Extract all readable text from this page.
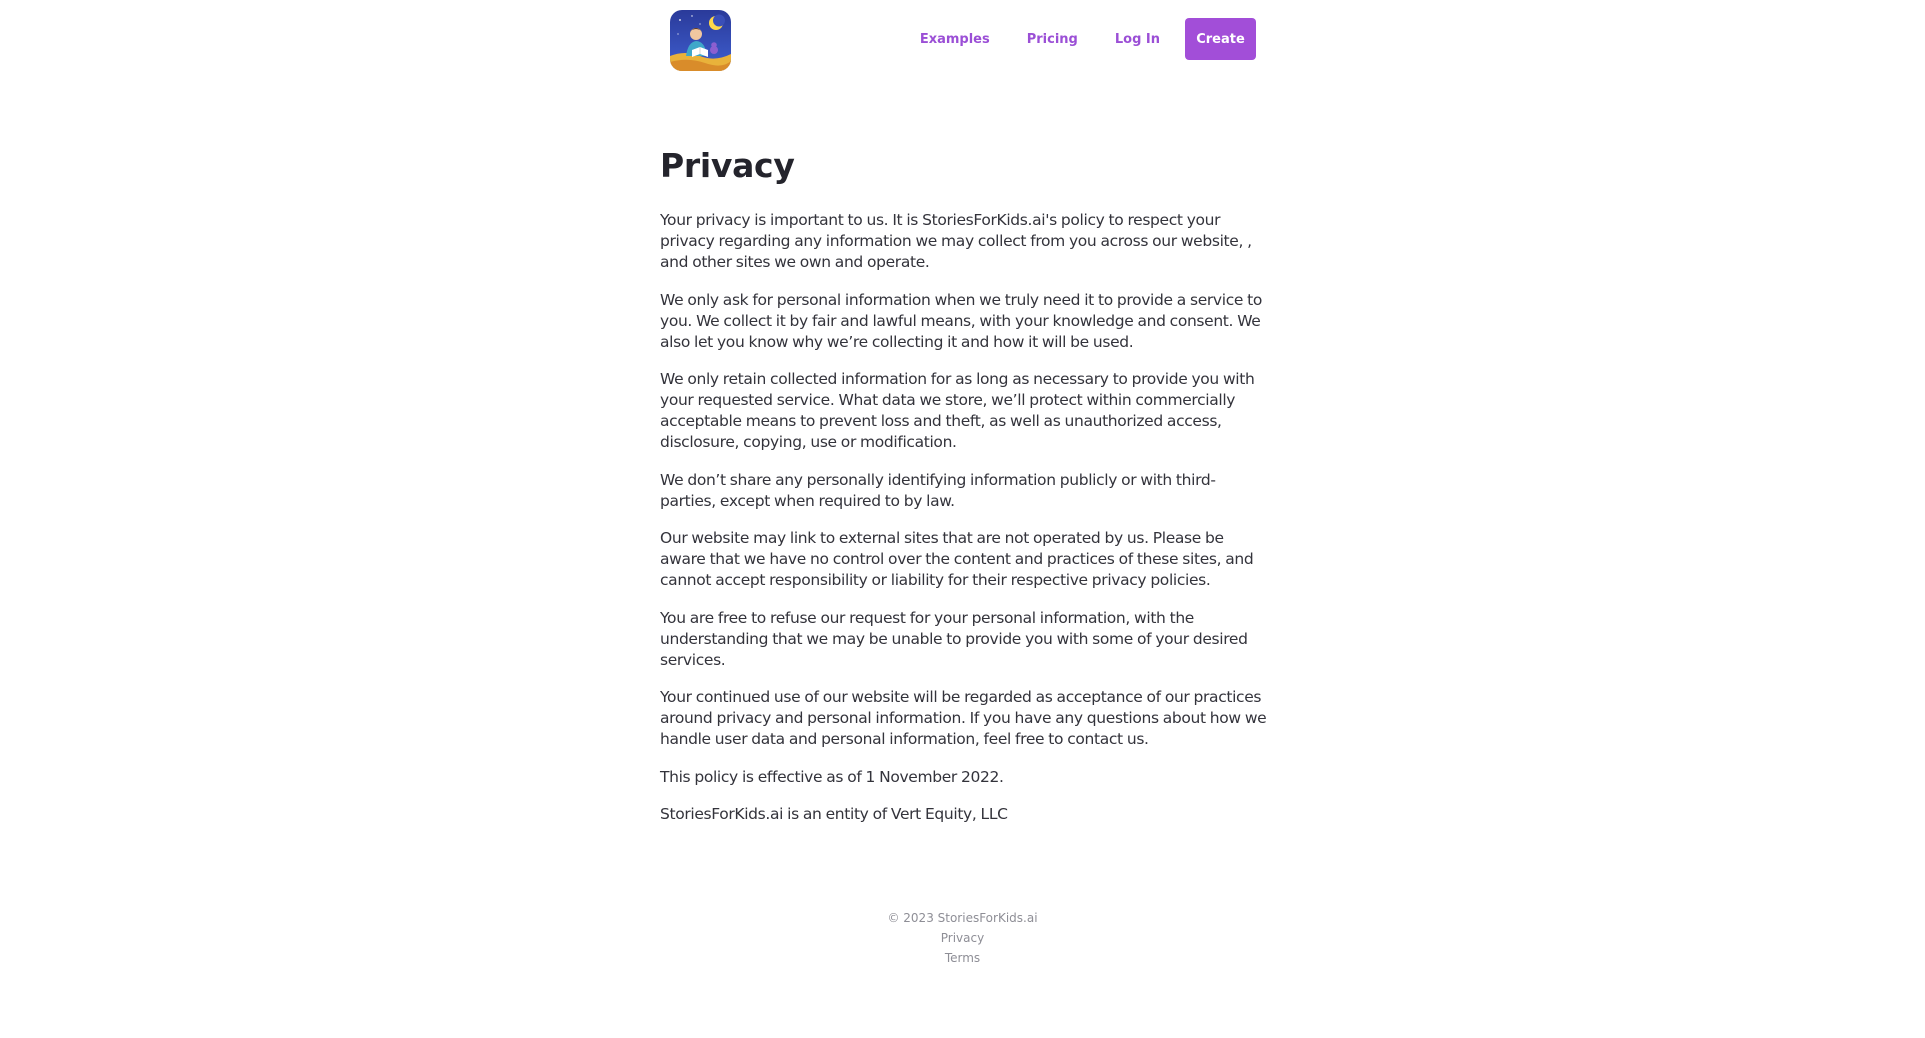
Examples	Pricing	Log In	Create
Privacy

Your privacy is important to us. It is StoriesForKids.ai's policy to respect your privacy regarding any information we may collect from you across our website, , and other sites we own and operate.

We only ask for personal information when we truly need it to provide a service to you. We collect it by fair and lawful means, with your knowledge and consent. We also let you know why we’re collecting it and how it will be used.

We only retain collected information for as long as necessary to provide you with your requested service. What data we store, we’ll protect within commercially acceptable means to prevent loss and theft, as well as unauthorized access, disclosure, copying, use or modification.

We don’t share any personally identifying information publicly or with third-parties, except when required to by law.

Our website may link to external sites that are not operated by us. Please be aware that we have no control over the content and practices of these sites, and cannot accept responsibility or liability for their respective privacy policies.

You are free to refuse our request for your personal information, with the understanding that we may be unable to provide you with some of your desired services.

Your continued use of our website will be regarded as acceptance of our practices around privacy and personal information. If you have any questions about how we handle user data and personal information, feel free to contact us.

This policy is effective as of 1 November 2022.

StoriesForKids.ai is an entity of Vert Equity, LLC

© 2023 StoriesForKids.ai
Privacy
Terms
